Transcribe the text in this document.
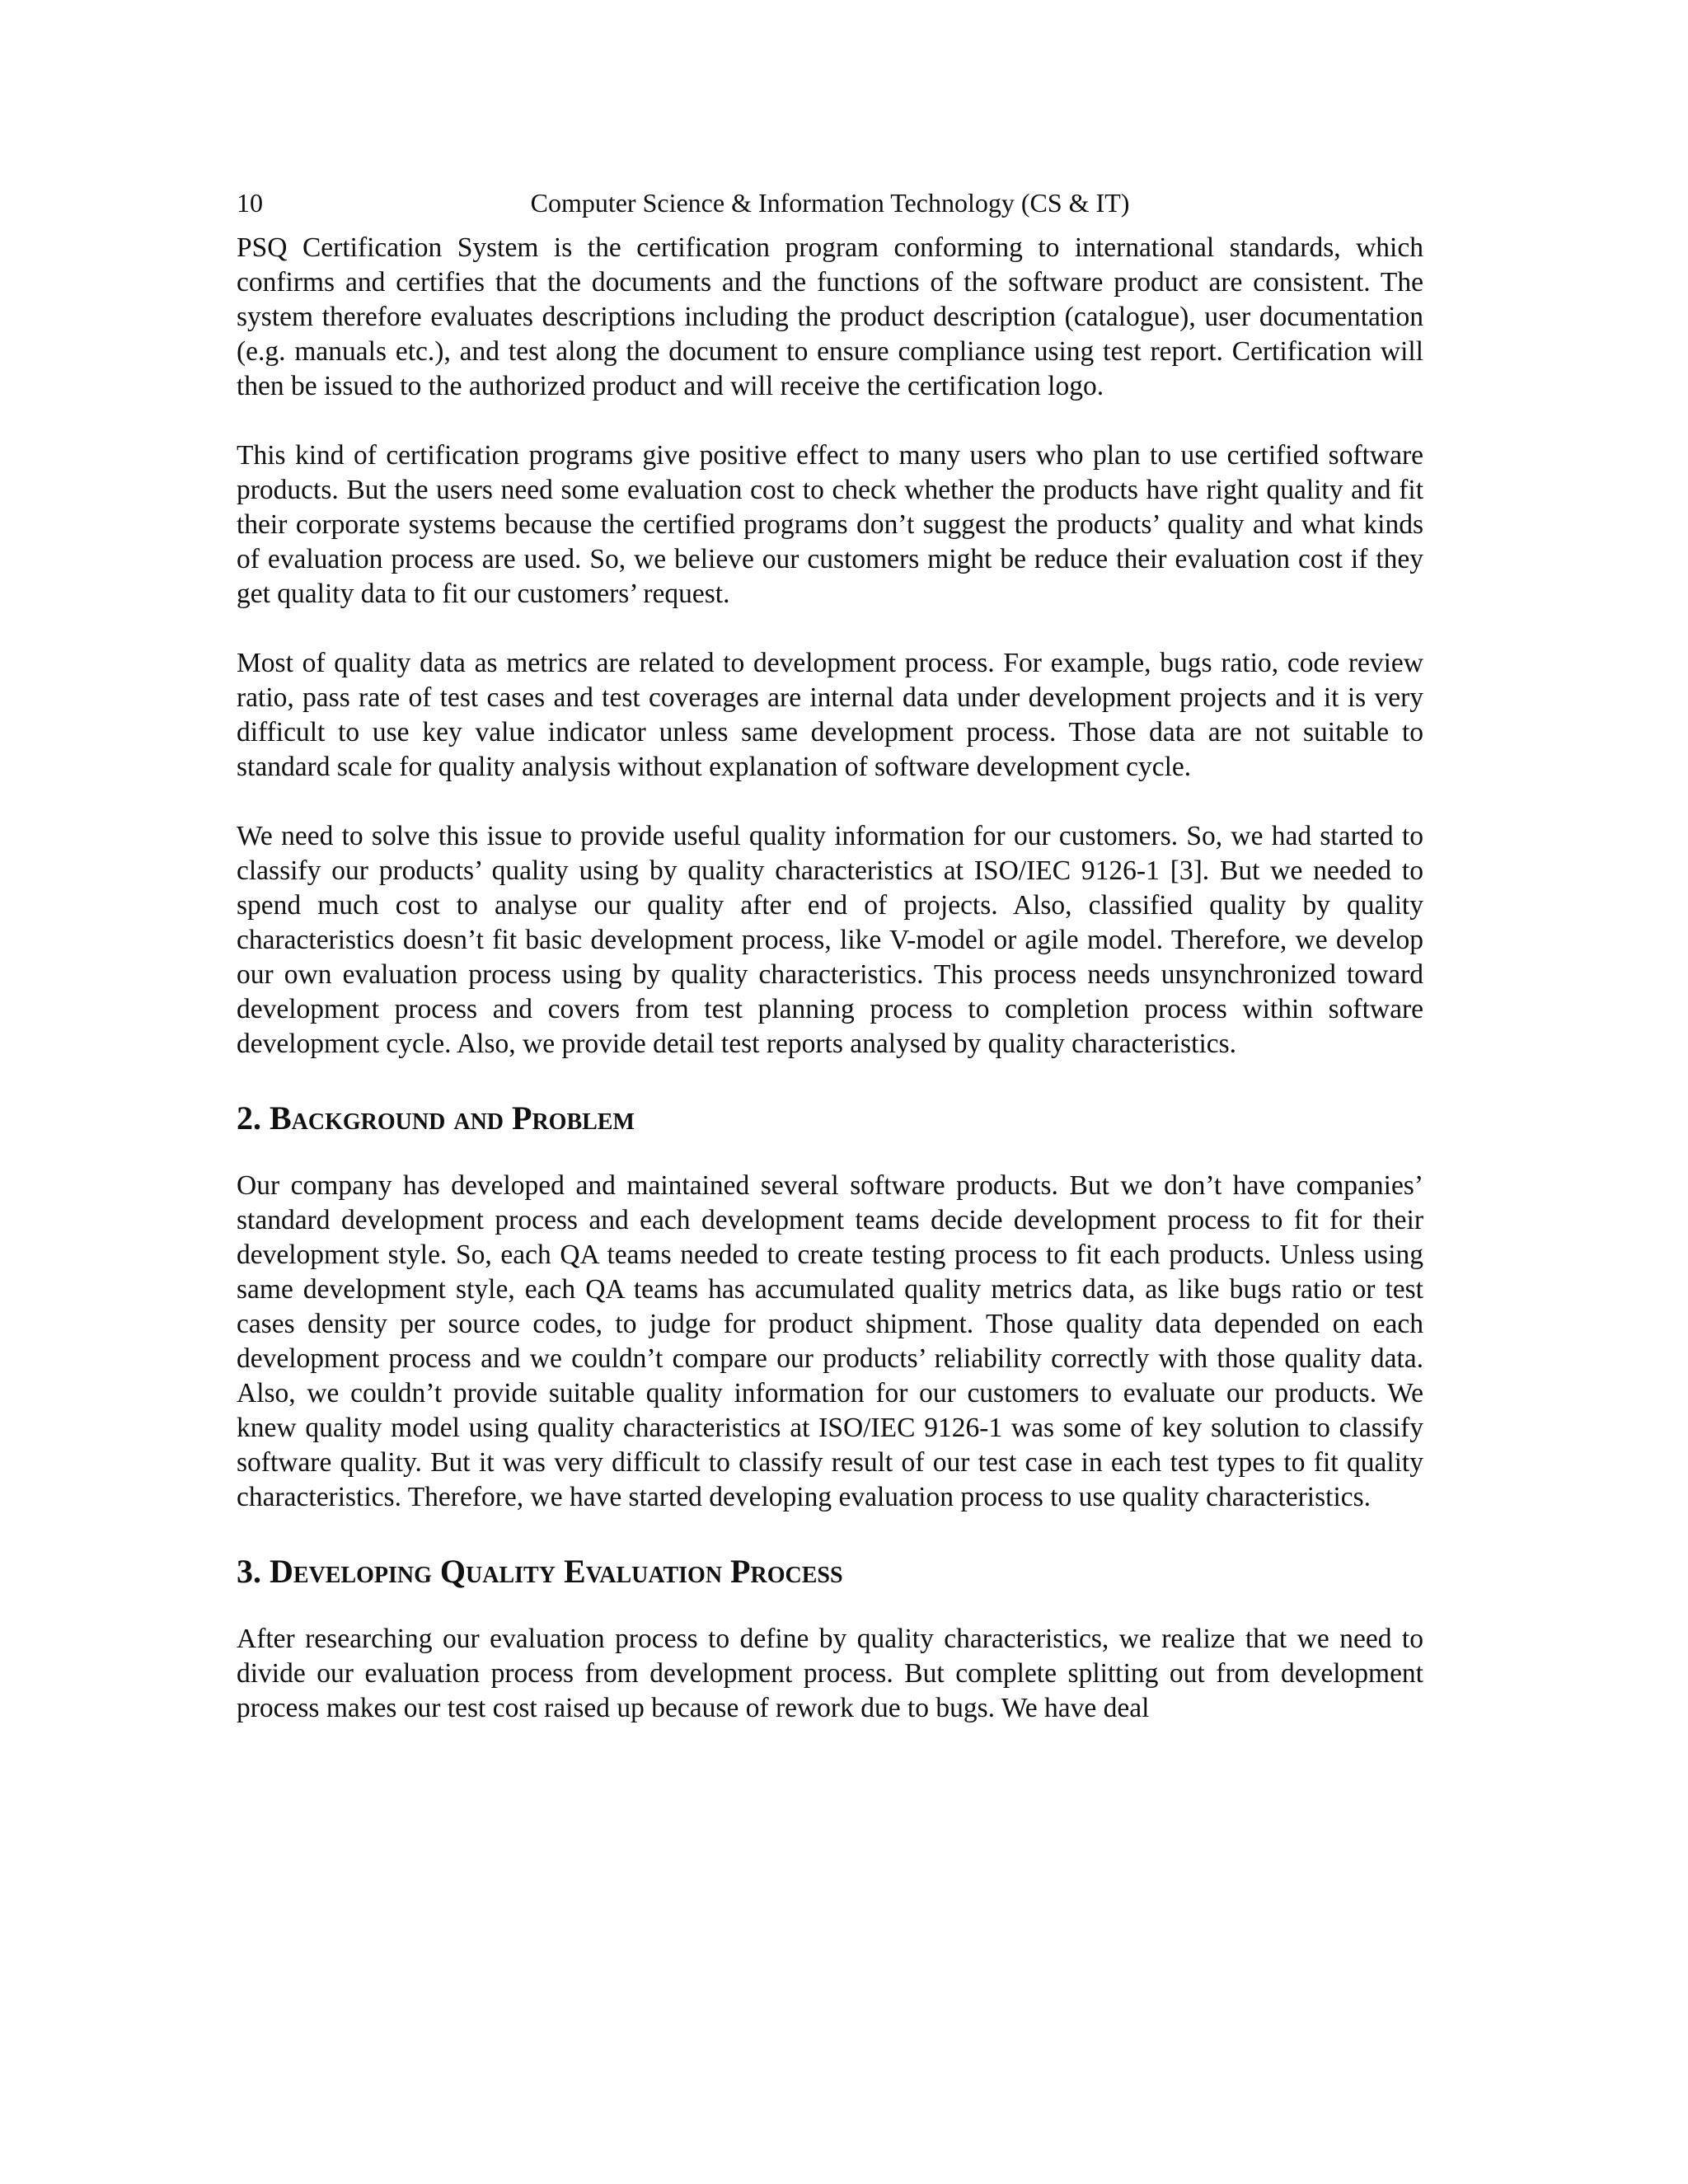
10	Computer Science & Information Technology (CS & IT)

PSQ Certification System is the certification program conforming to international standards, which confirms and certifies that the documents and the functions of the software product are consistent. The system therefore evaluates descriptions including the product description (catalogue), user documentation (e.g. manuals etc.), and test along the document to ensure compliance using test report. Certification will then be issued to the authorized product and will receive the certification logo.

This kind of certification programs give positive effect to many users who plan to use certified software products. But the users need some evaluation cost to check whether the products have right quality and fit their corporate systems because the certified programs don’t suggest the products’ quality and what kinds of evaluation process are used. So, we believe our customers might be reduce their evaluation cost if they get quality data to fit our customers’ request.

Most of quality data as metrics are related to development process. For example, bugs ratio, code review ratio, pass rate of test cases and test coverages are internal data under development projects and it is very difficult to use key value indicator unless same development process. Those data are not suitable to standard scale for quality analysis without explanation of software development cycle.

We need to solve this issue to provide useful quality information for our customers. So, we had started to classify our products’ quality using by quality characteristics at ISO/IEC 9126-1 [3]. But we needed to spend much cost to analyse our quality after end of projects. Also, classified quality by quality characteristics doesn’t fit basic development process, like V-model or agile model. Therefore, we develop our own evaluation process using by quality characteristics. This process needs unsynchronized toward development process and covers from test planning process to completion process within software development cycle. Also, we provide detail test reports analysed by quality characteristics.

2. Background and Problem

Our company has developed and maintained several software products. But we don’t have companies’ standard development process and each development teams decide development process to fit for their development style. So, each QA teams needed to create testing process to fit each products. Unless using same development style, each QA teams has accumulated quality metrics data, as like bugs ratio or test cases density per source codes, to judge for product shipment. Those quality data depended on each development process and we couldn’t compare our products’ reliability correctly with those quality data. Also, we couldn’t provide suitable quality information for our customers to evaluate our products. We knew quality model using quality characteristics at ISO/IEC 9126-1 was some of key solution to classify software quality. But it was very difficult to classify result of our test case in each test types to fit quality characteristics. Therefore, we have started developing evaluation process to use quality characteristics.

3. Developing Quality Evaluation Process

After researching our evaluation process to define by quality characteristics, we realize that we need to divide our evaluation process from development process. But complete splitting out from development process makes our test cost raised up because of rework due to bugs. We have deal
